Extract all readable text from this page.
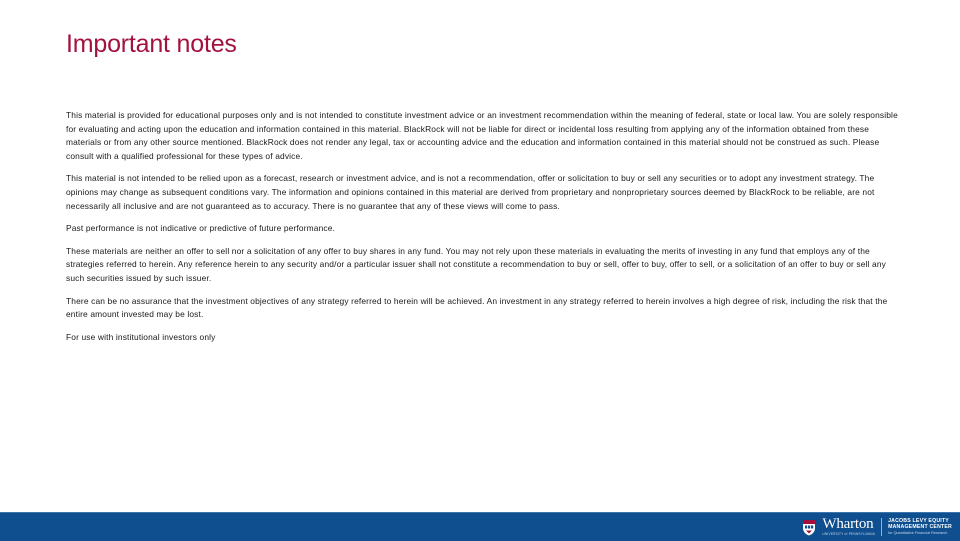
Important notes

This material is provided for educational purposes only and is not intended to constitute investment advice or an investment recommendation within the meaning of federal, state or local law. You are solely responsible for evaluating and acting upon the education and information contained in this material. BlackRock will not be liable for direct or incidental loss resulting from applying any of the information obtained from these materials or from any other source mentioned. BlackRock does not render any legal, tax or accounting advice and the education and information contained in this material should not be construed as such. Please consult with a qualified professional for these types of advice.

This material is not intended to be relied upon as a forecast, research or investment advice, and is not a recommendation, offer or solicitation to buy or sell any securities or to adopt any investment strategy. The opinions may change as subsequent conditions vary. The information and opinions contained in this material are derived from proprietary and nonproprietary sources deemed by BlackRock to be reliable, are not necessarily all inclusive and are not guaranteed as to accuracy. There is no guarantee that any of these views will come to pass.

Past performance is not indicative or predictive of future performance.

These materials are neither an offer to sell nor a solicitation of any offer to buy shares in any fund. You may not rely upon these materials in evaluating the merits of investing in any fund that employs any of the strategies referred to herein. Any reference herein to any security and/or a particular issuer shall not constitute a recommendation to buy or sell, offer to buy, offer to sell, or a solicitation of an offer to buy or sell any such securities issued by such issuer.

There can be no assurance that the investment objectives of any strategy referred to herein will be achieved. An investment in any strategy referred to herein involves a high degree of risk, including the risk that the entire amount invested may be lost.

For use with institutional investors only

Wharton
UNIVERSITY of PENNSYLVANIA
JACOBS LEVY EQUITY
MANAGEMENT CENTER
for Quantitative Financial Research
